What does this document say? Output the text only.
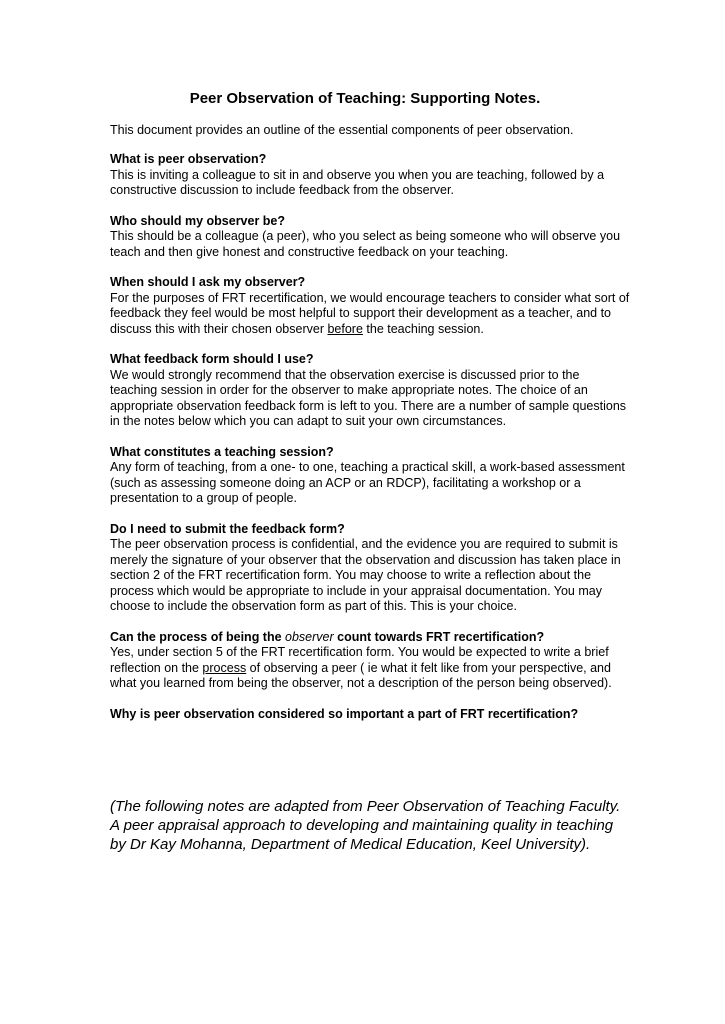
Peer Observation of Teaching: Supporting Notes.

This document provides an outline of the essential components of peer observation.

What is peer observation?

This is inviting a colleague to sit in and observe you when you are teaching, followed by a constructive discussion to include feedback from the observer.

Who should my observer be?

This should be a colleague (a peer), who you select as being someone who will observe you teach and then give honest and constructive feedback on your teaching.

When should I ask my observer?

For the purposes of FRT recertification, we would encourage teachers to consider what sort of feedback they feel would be most helpful to support their development as a teacher, and to discuss this with their chosen observer before the teaching session.

What feedback form should I use?

We would strongly recommend that the observation exercise is discussed prior to the teaching session in order for the observer to make appropriate notes. The choice of an appropriate observation feedback form is left to you. There are a number of sample questions in the notes below which you can adapt to suit your own circumstances.

What constitutes a teaching session?

Any form of teaching, from a one- to one, teaching a practical skill, a work-based assessment (such as assessing someone doing an ACP or an RDCP), facilitating a workshop or a presentation to a group of people.

Do I need to submit the feedback form?

The peer observation process is confidential, and the evidence you are required to submit is merely the signature of your observer that the observation and discussion has taken place in section 2 of the FRT recertification form. You may choose to write a reflection about the process which would be appropriate to include in your appraisal documentation. You may choose to include the observation form as part of this. This is your choice.

Can the process of being the observer count towards FRT recertification?

Yes, under section 5 of the FRT recertification form. You would be expected to write a brief reflection on the process of observing a peer ( ie what it felt like from your perspective, and what you learned from being the observer, not a description of the person being observed).

Why is peer observation considered so important a part of FRT recertification?

(The following notes are adapted from Peer Observation of Teaching Faculty. A peer appraisal approach to developing and maintaining quality in teaching by Dr Kay Mohanna, Department of Medical Education, Keel University).
